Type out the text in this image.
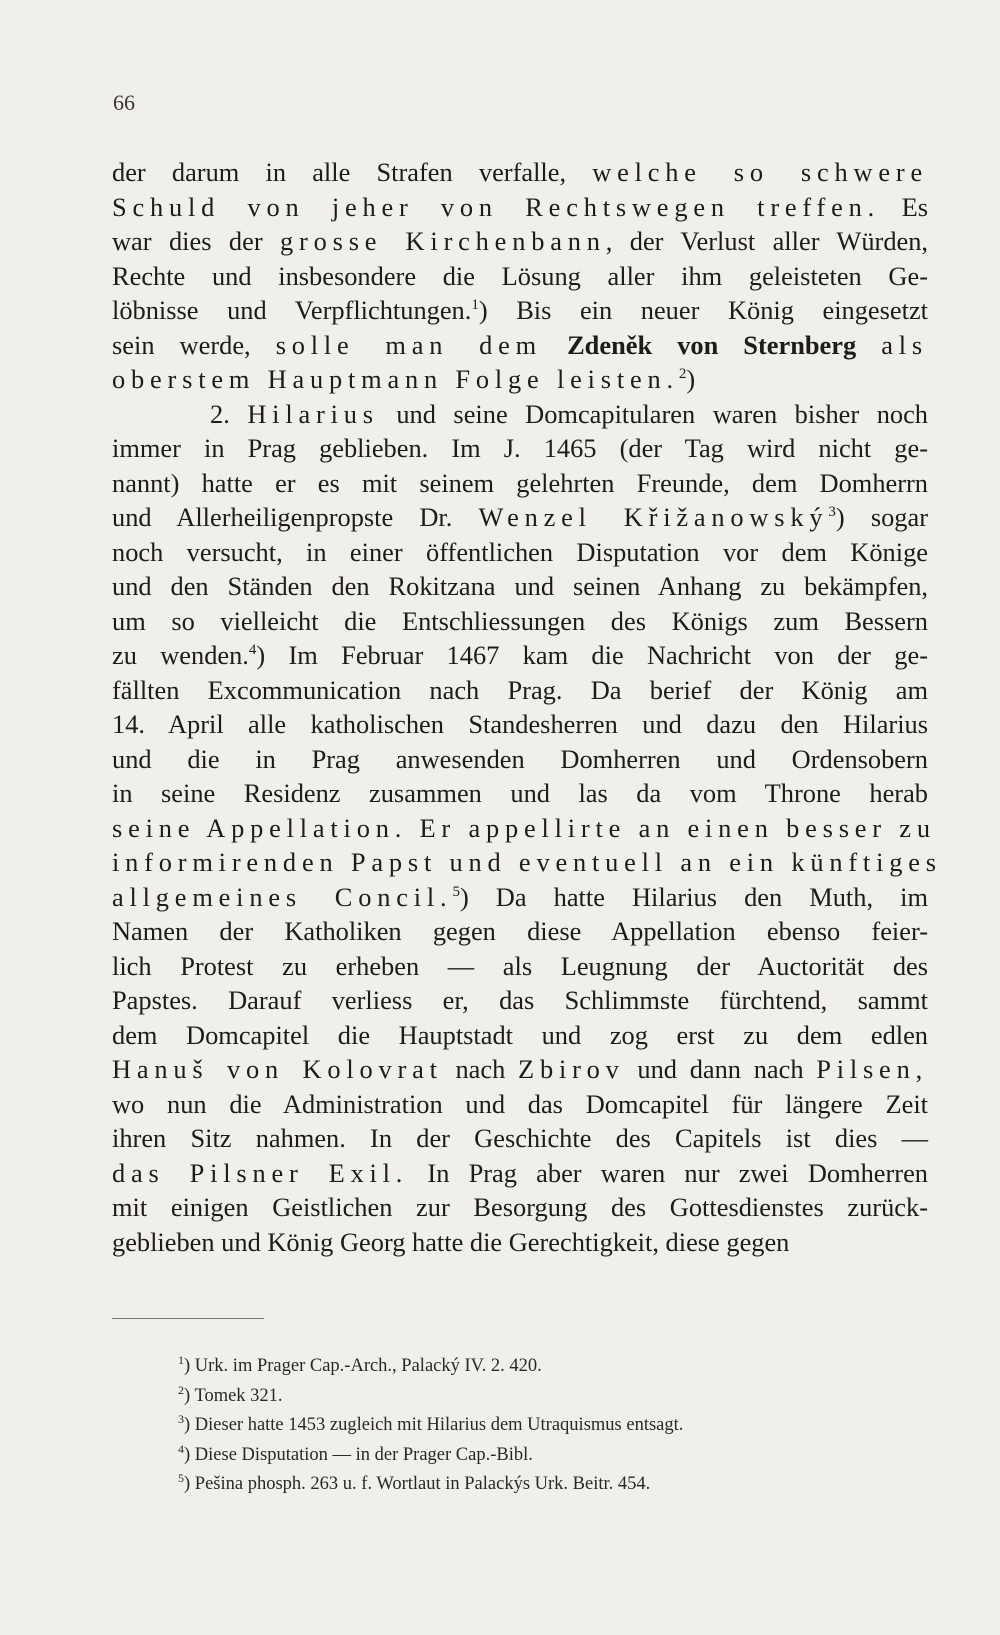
66
der darum in alle Strafen verfalle, welche so schwere
Schuld von jeher von Rechtswegen treffen. Es
war dies der grosse Kirchenbann, der Verlust aller Würden,
Rechte und insbesondere die Lösung aller ihm geleisteten Ge-
löbnisse und Verpflichtungen.$^1$) Bis ein neuer König eingesetzt
sein werde, solle man dem Zdeněk von Sternberg als
oberstem Hauptmann Folge leisten.$^2$)
2. Hilarius und seine Domcapitularen waren bisher noch
immer in Prag geblieben. Im J. 1465 (der Tag wird nicht ge-
nannt) hatte er es mit seinem gelehrten Freunde, dem Domherrn
und Allerheiligenpropste Dr. Wenzel Křižanowský$^3$) sogar
noch versucht, in einer öffentlichen Disputation vor dem Könige
und den Ständen den Rokitzana und seinen Anhang zu bekämpfen,
um so vielleicht die Entschliessungen des Königs zum Bessern
zu wenden.$^4$) Im Februar 1467 kam die Nachricht von der ge-
fällten Excommunication nach Prag. Da berief der König am
14. April alle katholischen Standesherren und dazu den Hilarius
und die in Prag anwesenden Domherren und Ordensobern
in seine Residenz zusammen und las da vom Throne herab
seine Appellation. Er appellirte an einen besser zu
informirenden Papst und eventuell an ein künftiges
allgemeines Concil.$^5$) Da hatte Hilarius den Muth, im
Namen der Katholiken gegen diese Appellation ebenso feier-
lich Protest zu erheben — als Leugnung der Auctorität des
Papstes. Darauf verliess er, das Schlimmste fürchtend, sammt
dem Domcapitel die Hauptstadt und zog erst zu dem edlen
Hanuš von Kolovrat nach Zbirov und dann nach Pilsen,
wo nun die Administration und das Domcapitel für längere Zeit
ihren Sitz nahmen. In der Geschichte des Capitels ist dies —
das Pilsner Exil. In Prag aber waren nur zwei Domherren
mit einigen Geistlichen zur Besorgung des Gottesdienstes zurück-
geblieben und König Georg hatte die Gerechtigkeit, diese gegen
$^1$) Urk. im Prager Cap.-Arch., Palacký IV. 2. 420.
$^2$) Tomek 321.
$^3$) Dieser hatte 1453 zugleich mit Hilarius dem Utraquismus entsagt.
$^4$) Diese Disputation — in der Prager Cap.-Bibl.
$^5$) Pešina phosph. 263 u. f. Wortlaut in Palackýs Urk. Beitr. 454.
